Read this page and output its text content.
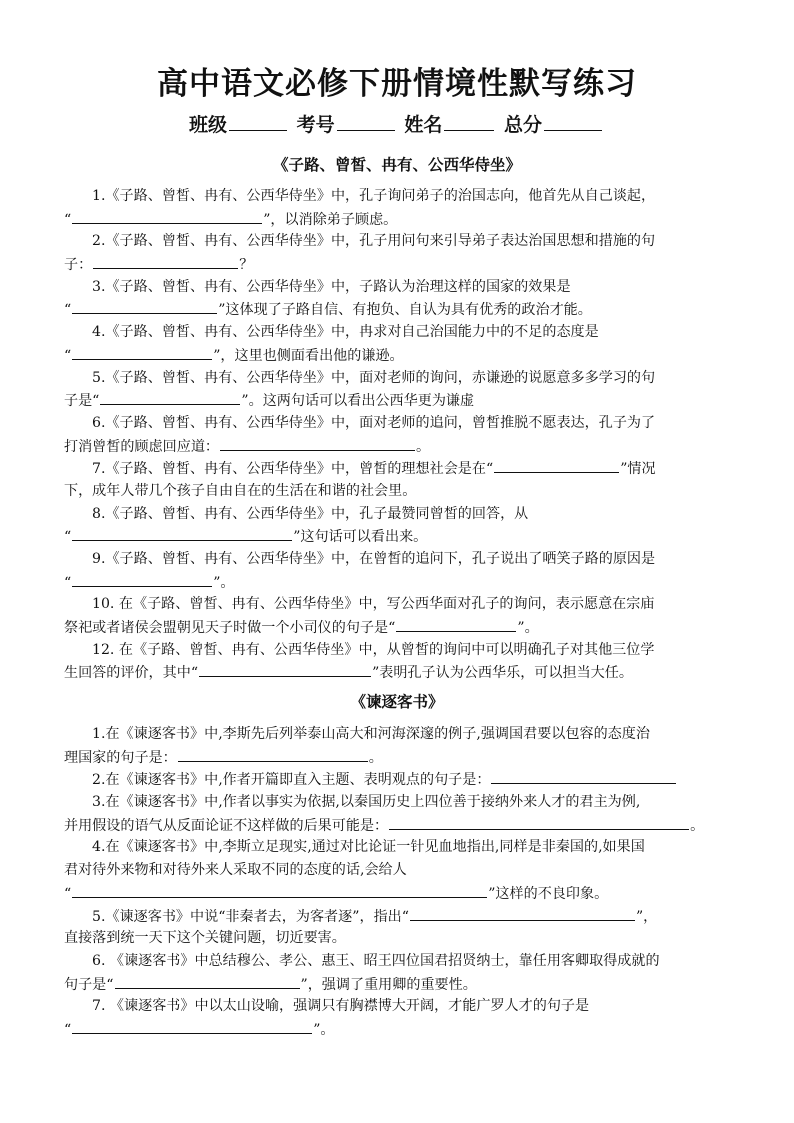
高中语文必修下册情境性默写练习
班级	考号	姓名	总分
《子路、曾皙、冉有、公西华侍坐》
1.《子路、曾皙、冉有、公西华侍坐》中，孔子询问弟子的治国志向，他首先从自己谈起，
“	”，以消除弟子顾虑。
2.《子路、曾皙、冉有、公西华侍坐》中，孔子用问句来引导弟子表达治国思想和措施的句
子：	？
3.《子路、曾皙、冉有、公西华侍坐》中，子路认为治理这样的国家的效果是
“	”这体现了子路自信、有抱负、自认为具有优秀的政治才能。
4.《子路、曾皙、冉有、公西华侍坐》中，冉求对自己治国能力中的不足的态度是
“	”，这里也侧面看出他的谦逊。
5.《子路、曾皙、冉有、公西华侍坐》中，面对老师的询问，赤谦逊的说愿意多多学习的句
子是“	”。这两句话可以看出公西华更为谦虚
6.《子路、曾皙、冉有、公西华侍坐》中，面对老师的追问，曾皙推脱不愿表达，孔子为了
打消曾皙的顾虑回应道：	。
7.《子路、曾皙、冉有、公西华侍坐》中，曾皙的理想社会是在“	”情况
下，成年人带几个孩子自由自在的生活在和谐的社会里。
8.《子路、曾皙、冉有、公西华侍坐》中，孔子最赞同曾皙的回答，从
“	”这句话可以看出来。
9.《子路、曾皙、冉有、公西华侍坐》中，在曾皙的追问下，孔子说出了哂笑子路的原因是
“	”。
10. 在《子路、曾皙、冉有、公西华侍坐》中，写公西华面对孔子的询问，表示愿意在宗庙
祭祀或者诸侯会盟朝见天子时做一个小司仪的句子是“	”。
12. 在《子路、曾皙、冉有、公西华侍坐》中，从曾皙的询问中可以明确孔子对其他三位学
生回答的评价，其中“	”表明孔子认为公西华乐，可以担当大任。
《谏逐客书》
1.在《谏逐客书》中,李斯先后列举泰山高大和河海深邃的例子,强调国君要以包容的态度治
理国家的句子是：	。
2.在《谏逐客书》中,作者开篇即直入主题、表明观点的句子是：
3.在《谏逐客书》中,作者以事实为依据,以秦国历史上四位善于接纳外来人才的君主为例,
并用假设的语气从反面论证不这样做的后果可能是：	。
4.在《谏逐客书》中,李斯立足现实,通过对比论证一针见血地指出,同样是非秦国的,如果国
君对待外来物和对待外来人采取不同的态度的话,会给人
“	”这样的不良印象。
5.《谏逐客书》中说“非秦者去，为客者逐”，指出“	”，
直接落到统一天下这个关键问题，切近要害。
6. 《谏逐客书》中总结穆公、孝公、惠王、昭王四位国君招贤纳士，靠任用客卿取得成就的
句子是“	”，强调了重用卿的重要性。
7. 《谏逐客书》中以太山设喻，强调只有胸襟博大开阔，才能广罗人才的句子是
“	”。
